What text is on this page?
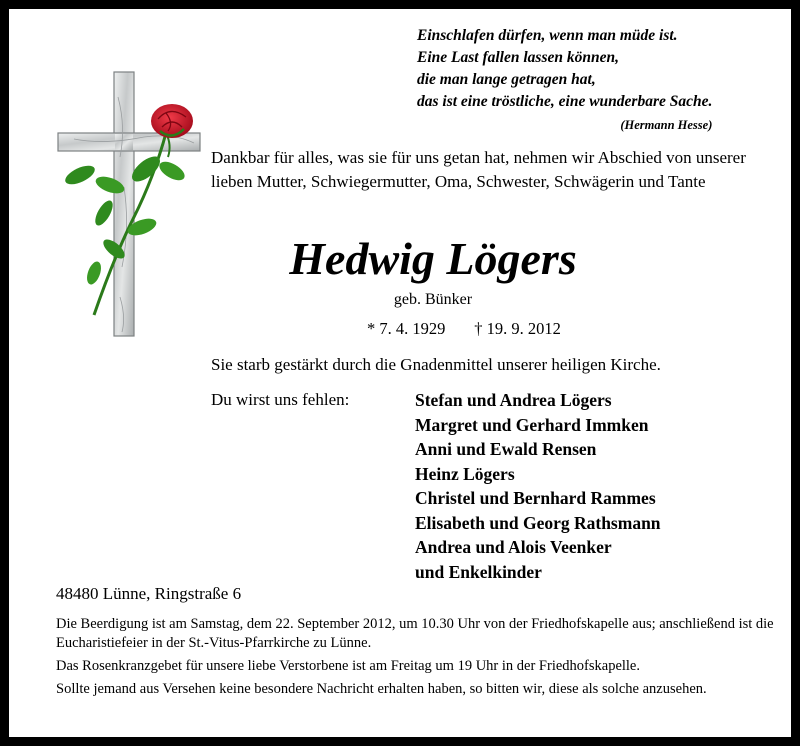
Einschlafen dürfen, wenn man müde ist.
Eine Last fallen lassen können,
die man lange getragen hat,
das ist eine tröstliche, eine wunderbare Sache.
(Hermann Hesse)
Dankbar für alles, was sie für uns getan hat, nehmen wir Abschied von unserer lieben Mutter, Schwiegermutter, Oma, Schwester, Schwägerin und Tante
Hedwig Lögers
geb. Bünker
* 7. 4. 1929 † 19. 9. 2012
Sie starb gestärkt durch die Gnadenmittel unserer heiligen Kirche.
Du wirst uns fehlen:	Stefan und Andrea Lögers
Margret und Gerhard Immken
Anni und Ewald Rensen
Heinz Lögers
Christel und Bernhard Rammes
Elisabeth und Georg Rathsmann
Andrea und Alois Veenker
und Enkelkinder
48480 Lünne, Ringstraße 6

Die Beerdigung ist am Samstag, dem 22. September 2012, um 10.30 Uhr von der Friedhofskapelle aus; anschließend ist die Eucharistiefeier in der St.-Vitus-Pfarrkirche zu Lünne.

Das Rosenkranzgebet für unsere liebe Verstorbene ist am Freitag um 19 Uhr in der Friedhofskapelle.

Sollte jemand aus Versehen keine besondere Nachricht erhalten haben, so bitten wir, diese als solche anzusehen.
